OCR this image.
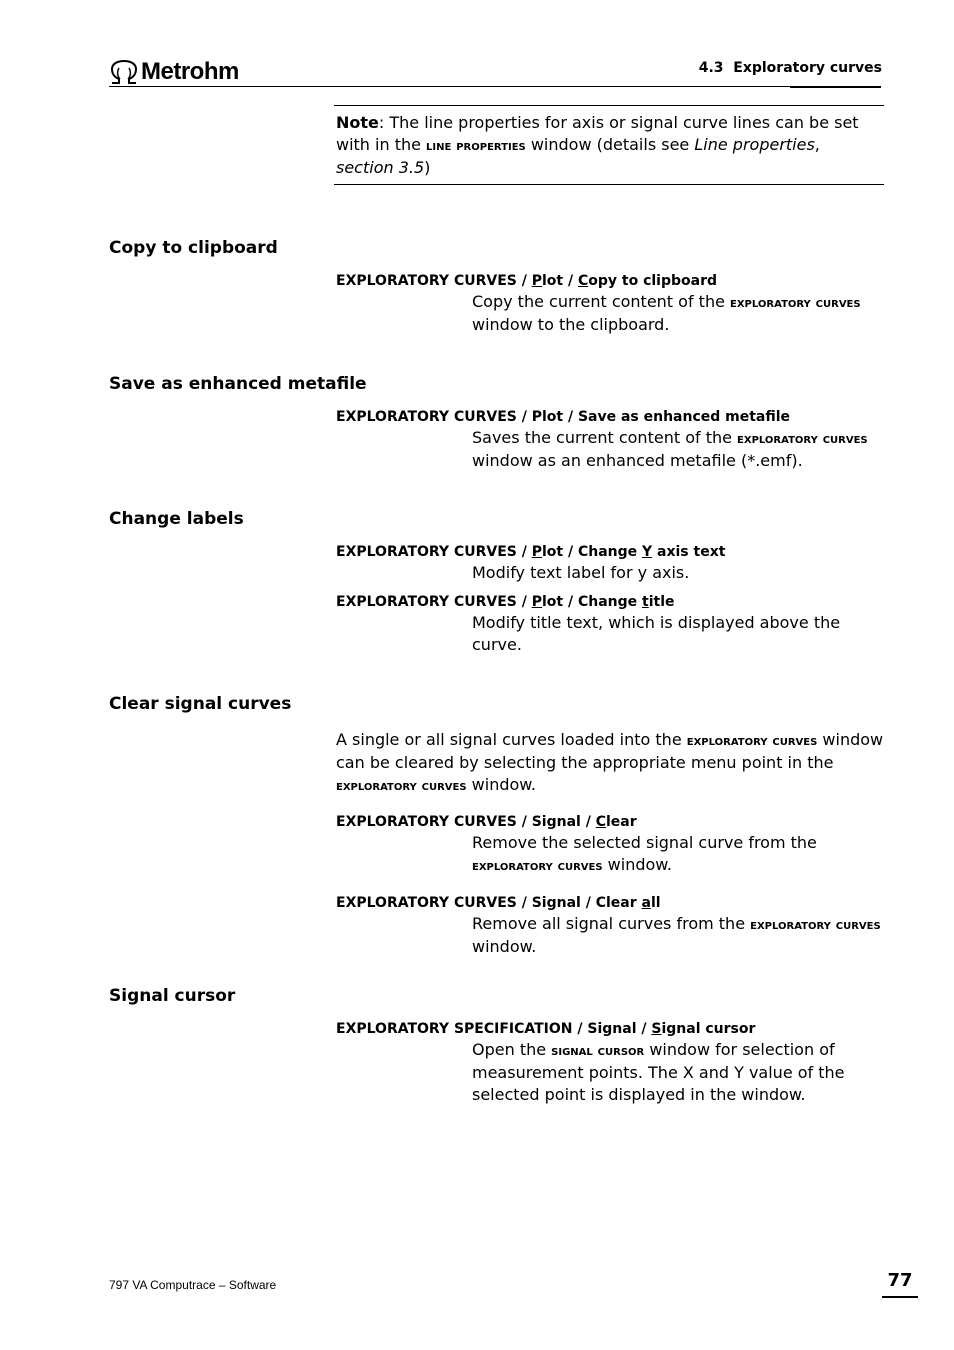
Metrohm	4.3  Exploratory curves
Note: The line properties for axis or signal curve lines can be set with in the line properties window (details see Line properties, section 3.5)
Copy to clipboard
EXPLORATORY CURVES / Plot / Copy to clipboard
Copy the current content of the exploratory curves window to the clipboard.
Save as enhanced metafile
EXPLORATORY CURVES / Plot / Save as enhanced metafile
Saves the current content of the exploratory curves window as an enhanced metafile (*.emf).
Change labels
EXPLORATORY CURVES / Plot / Change Y axis text
Modify text label for y axis.
EXPLORATORY CURVES / Plot / Change title
Modify title text, which is displayed above the curve.
Clear signal curves
A single or all signal curves loaded into the exploratory curves window can be cleared by selecting the appropriate menu point in the exploratory curves window.
EXPLORATORY CURVES / Signal / Clear
Remove the selected signal curve from the exploratory curves window.
EXPLORATORY CURVES / Signal / Clear all
Remove all signal curves from the exploratory curves window.
Signal cursor
EXPLORATORY SPECIFICATION / Signal / Signal cursor
Open the signal cursor window for selection of measurement points. The X and Y value of the selected point is displayed in the window.
797 VA Computrace – Software	77
